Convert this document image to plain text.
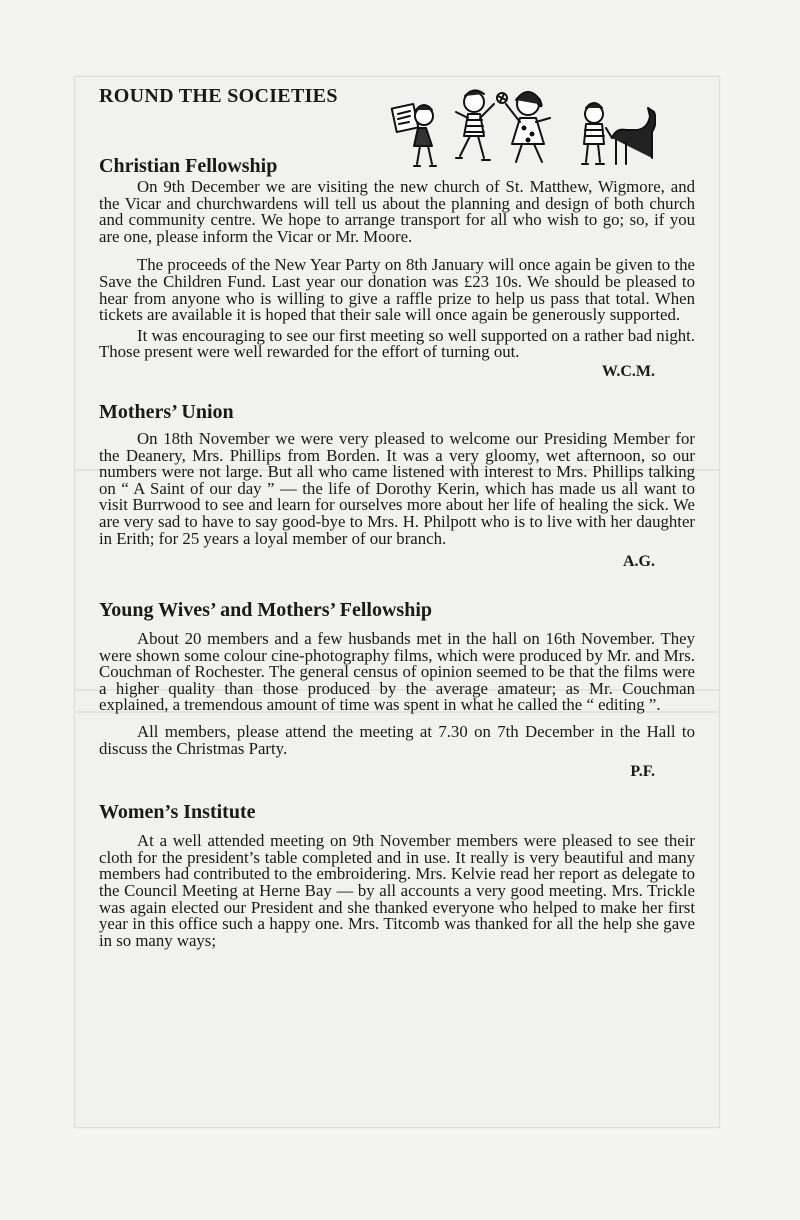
ROUND THE SOCIETIES
Christian Fellowship

On 9th December we are visiting the new church of St. Matthew, Wigmore, and the Vicar and churchwardens will tell us about the planning and design of both church and community centre. We hope to arrange transport for all who wish to go; so, if you are one, please inform the Vicar or Mr. Moore.

The proceeds of the New Year Party on 8th January will once again be given to the Save the Children Fund. Last year our donation was £23 10s. We should be pleased to hear from anyone who is willing to give a raffle prize to help us pass that total. When tickets are available it is hoped that their sale will once again be generously supported.

It was encouraging to see our first meeting so well supported on a rather bad night. Those present were well rewarded for the effort of turning out.

W.C.M.
Mothers’ Union

On 18th November we were very pleased to welcome our Presiding Member for the Deanery, Mrs. Phillips from Borden. It was a very gloomy, wet afternoon, so our numbers were not large. But all who came listened with interest to Mrs. Phillips talking on “ A Saint of our day ” — the life of Dorothy Kerin, which has made us all want to visit Burrwood to see and learn for ourselves more about her life of healing the sick. We are very sad to have to say good-bye to Mrs. H. Philpott who is to live with her daughter in Erith; for 25 years a loyal member of our branch.

A.G.
Young Wives’ and Mothers’ Fellowship

About 20 members and a few husbands met in the hall on 16th November. They were shown some colour cine-photography films, which were produced by Mr. and Mrs. Couchman of Rochester. The general census of opinion seemed to be that the films were a higher quality than those produced by the average amateur; as Mr. Couchman explained, a tremendous amount of time was spent in what he called the “ editing ”.

All members, please attend the meeting at 7.30 on 7th December in the Hall to discuss the Christmas Party.

P.F.
Women’s Institute

At a well attended meeting on 9th November members were pleased to see their cloth for the president’s table completed and in use. It really is very beautiful and many members had contributed to the embroidering. Mrs. Kelvie read her report as delegate to the Council Meeting at Herne Bay — by all accounts a very good meeting. Mrs. Trickle was again elected our President and she thanked everyone who helped to make her first year in this office such a happy one. Mrs. Titcomb was thanked for all the help she gave in so many ways;
